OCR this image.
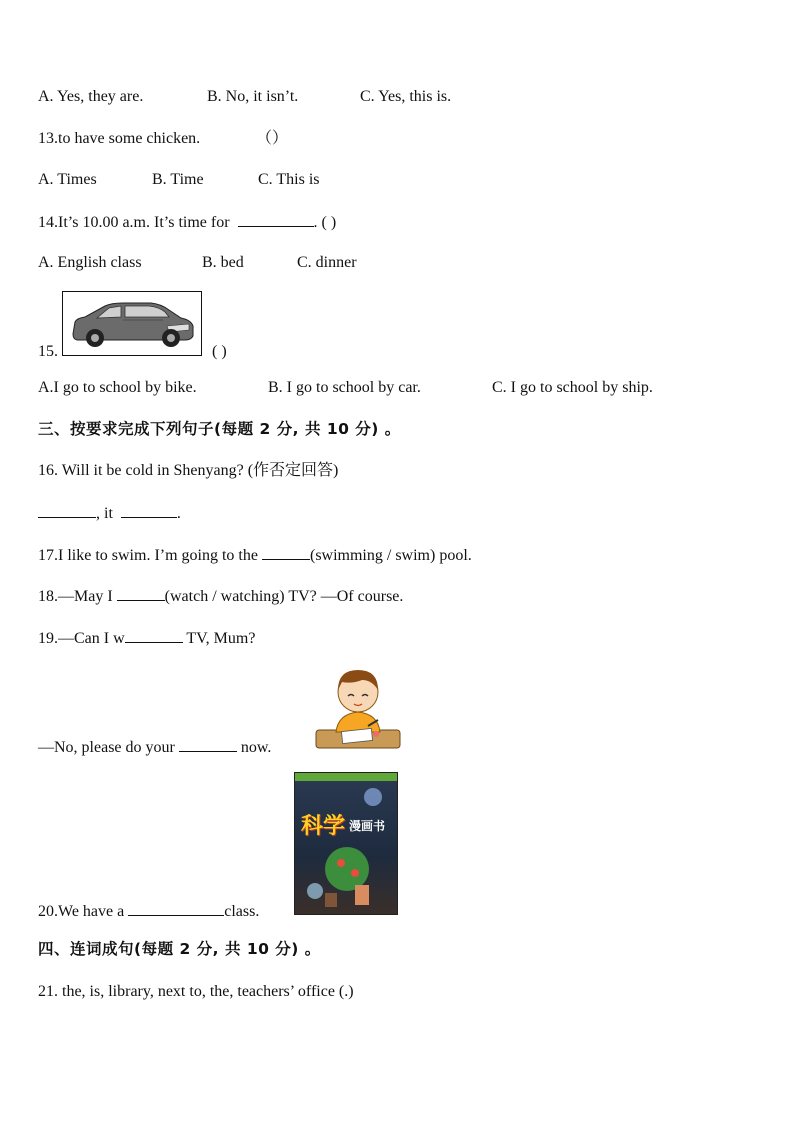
A. Yes, they are.	B. No, it isn’t.	C. Yes, this is.
13.to have some chicken.	（）
A. Times	B. Time	C. This is
14.It’s 10.00 a.m. It’s time for	. ( )
A. English class	B. bed	C. dinner
15.	( )
A.I go to school by bike.	B. I go to school by car.	C. I go to school by ship.
三、按要求完成下列句子(每题 2 分, 共 10 分) 。
16. Will it be cold in Shenyang? (作否定回答)
, it	.
17.I like to swim. I’m going to the	(swimming / swim) pool.
18.—May I	(watch / watching) TV? —Of course.
19.—Can I w	TV, Mum?
—No, please do your	now.
科学 漫画书
20.We have a	class.
四、连词成句(每题 2 分, 共 10 分) 。
21. the, is, library, next to, the, teachers’ office (.)
